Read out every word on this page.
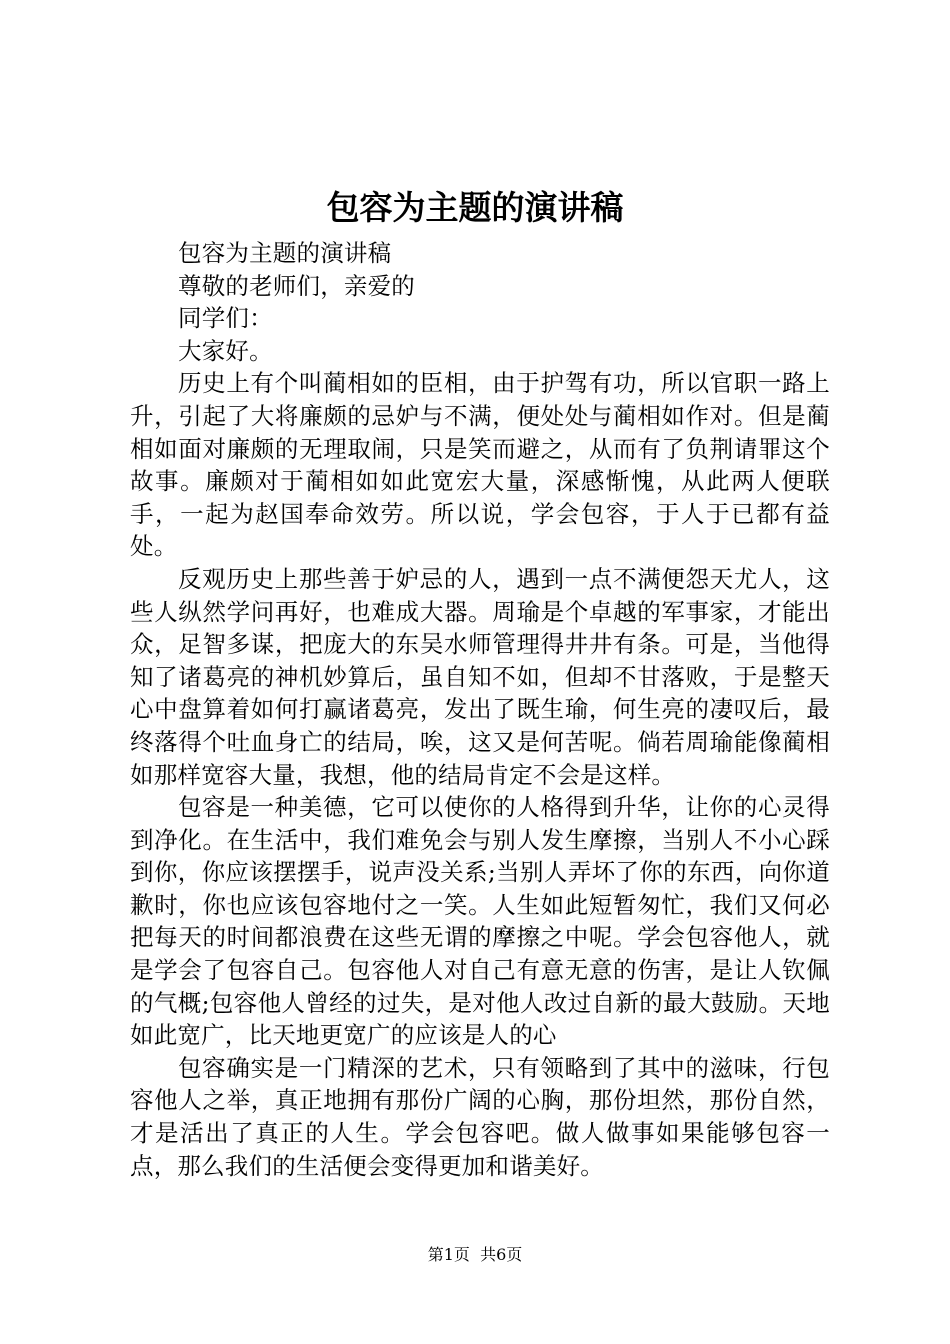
包容为主题的演讲稿

包容为主题的演讲稿

尊敬的老师们，亲爱的

同学们：

大家好。

历史上有个叫蔺相如的臣相，由于护驾有功，所以官职一路上升，引起了大将廉颇的忌妒与不满，便处处与蔺相如作对。但是蔺相如面对廉颇的无理取闹，只是笑而避之，从而有了负荆请罪这个故事。廉颇对于蔺相如如此宽宏大量，深感惭愧，从此两人便联手，一起为赵国奉命效劳。所以说，学会包容，于人于已都有益处。

反观历史上那些善于妒忌的人，遇到一点不满便怨天尤人，这些人纵然学问再好，也难成大器。周瑜是个卓越的军事家，才能出众，足智多谋，把庞大的东吴水师管理得井井有条。可是，当他得知了诸葛亮的神机妙算后，虽自知不如，但却不甘落败，于是整天心中盘算着如何打赢诸葛亮，发出了既生瑜，何生亮的凄叹后，最终落得个吐血身亡的结局，唉，这又是何苦呢。倘若周瑜能像蔺相如那样宽容大量，我想，他的结局肯定不会是这样。

包容是一种美德，它可以使你的人格得到升华，让你的心灵得到净化。在生活中，我们难免会与别人发生摩擦，当别人不小心踩到你，你应该摆摆手，说声没关系;当别人弄坏了你的东西，向你道歉时，你也应该包容地付之一笑。人生如此短暂匆忙，我们又何必把每天的时间都浪费在这些无谓的摩擦之中呢。学会包容他人，就是学会了包容自己。包容他人对自己有意无意的伤害，是让人钦佩的气概;包容他人曾经的过失，是对他人改过自新的最大鼓励。天地如此宽广，比天地更宽广的应该是人的心

包容确实是一门精深的艺术，只有领略到了其中的滋味，行包容他人之举，真正地拥有那份广阔的心胸，那份坦然，那份自然，才是活出了真正的人生。学会包容吧。做人做事如果能够包容一点，那么我们的生活便会变得更加和谐美好。

第1页 共6页
